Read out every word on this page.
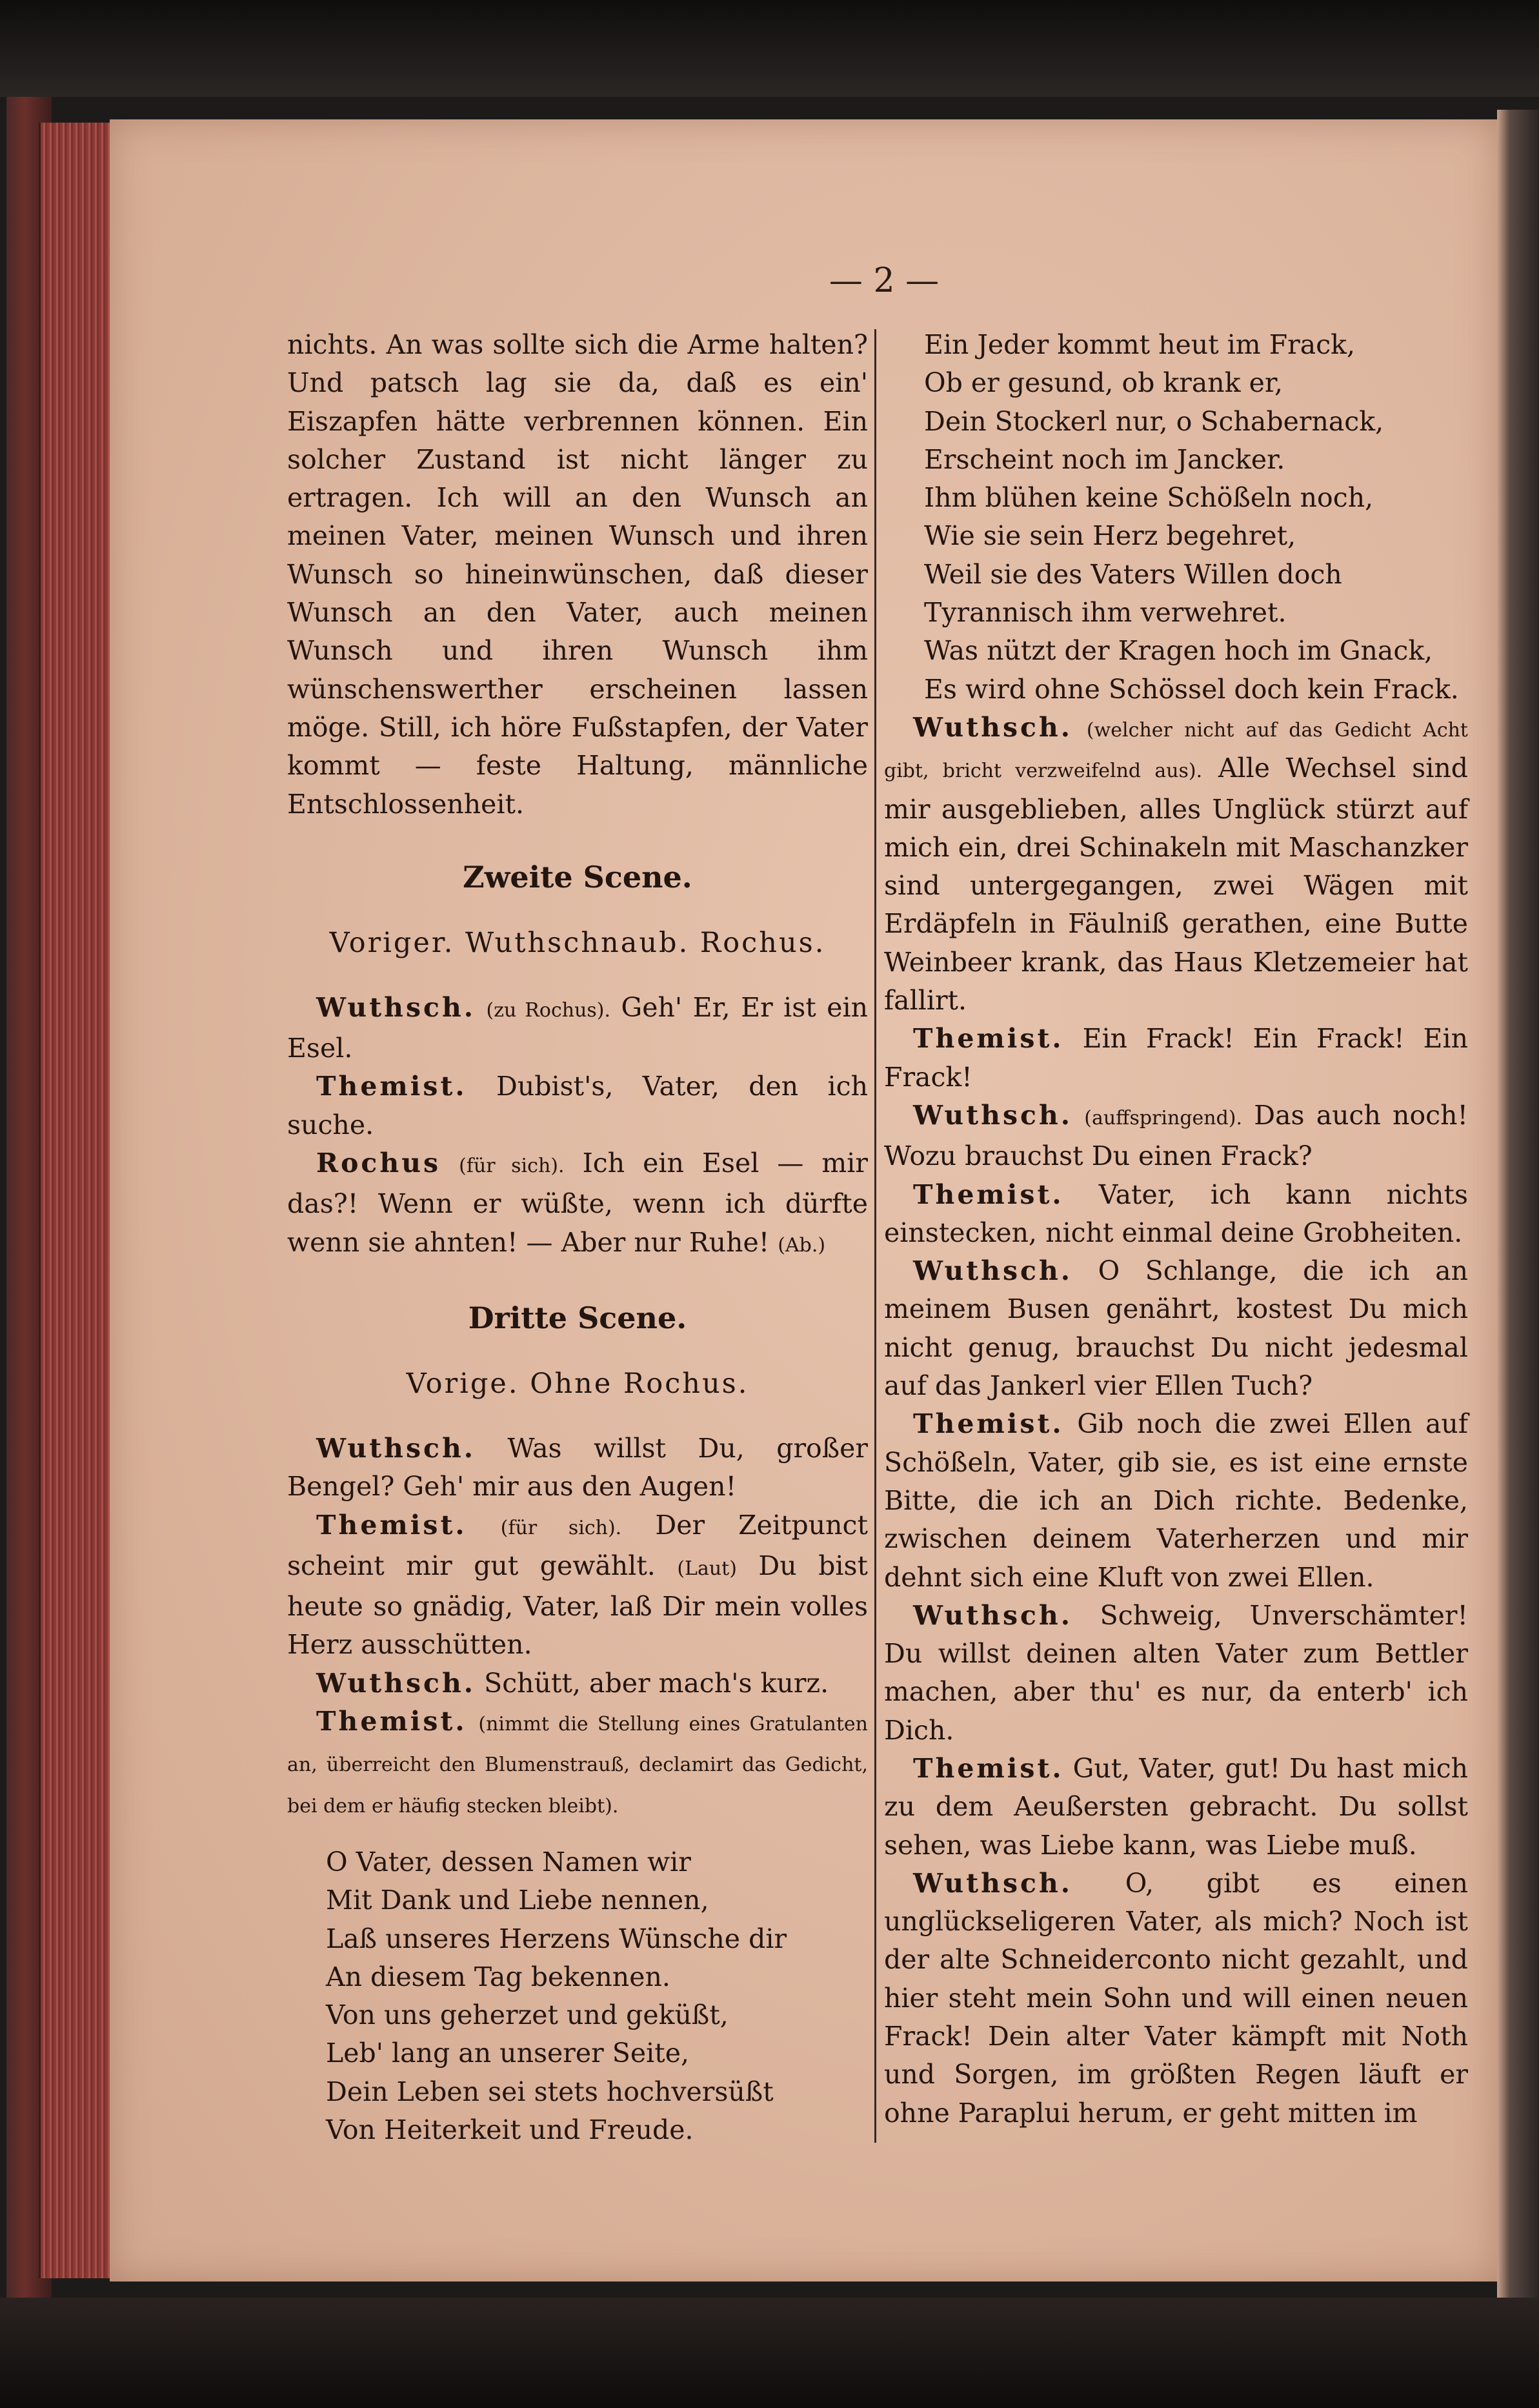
— 2 —

nichts. An was sollte sich die Arme halten? Und patsch lag sie da, daß es ein' Eiszapfen hätte verbrennen können. Ein solcher Zustand ist nicht länger zu ertragen. Ich will an den Wunsch an meinen Vater, meinen Wunsch und ihren Wunsch so hineinwünschen, daß dieser Wunsch an den Vater, auch meinen Wunsch und ihren Wunsch ihm wünschenswerther erscheinen lassen möge. Still, ich höre Fußstapfen, der Vater kommt — feste Haltung, männliche Entschlossenheit.

Zweite Scene.
Voriger. Wuthschnaub. Rochus.

Wuthsch. (zu Rochus). Geh' Er, Er ist ein Esel.

Themist. Dubist's, Vater, den ich suche.

Rochus (für sich). Ich ein Esel — mir das?! Wenn er wüßte, wenn ich dürfte wenn sie ahnten! — Aber nur Ruhe! (Ab.)

Dritte Scene.
Vorige. Ohne Rochus.

Wuthsch. Was willst Du, großer Bengel? Geh' mir aus den Augen!

Themist. (für sich). Der Zeitpunct scheint mir gut gewählt. (Laut) Du bist heute so gnädig, Vater, laß Dir mein volles Herz ausschütten.

Wuthsch. Schütt, aber mach's kurz.

Themist. (nimmt die Stellung eines Gratulanten an, überreicht den Blumenstrauß, declamirt das Gedicht, bei dem er häufig stecken bleibt).

O Vater, dessen Namen wir

Mit Dank und Liebe nennen,

Laß unseres Herzens Wünsche dir

An diesem Tag bekennen.

Von uns geherzet und geküßt,

Leb' lang an unserer Seite,

Dein Leben sei stets hochversüßt

Von Heiterkeit und Freude.

Ein Jeder kommt heut im Frack,

Ob er gesund, ob krank er,

Dein Stockerl nur, o Schabernack,

Erscheint noch im Jancker.

Ihm blühen keine Schößeln noch,

Wie sie sein Herz begehret,

Weil sie des Vaters Willen doch

Tyrannisch ihm verwehret.

Was nützt der Kragen hoch im Gnack,

Es wird ohne Schössel doch kein Frack.

Wuthsch. (welcher nicht auf das Gedicht Acht gibt, bricht verzweifelnd aus). Alle Wechsel sind mir ausgeblieben, alles Unglück stürzt auf mich ein, drei Schinakeln mit Maschanzker sind untergegangen, zwei Wägen mit Erdäpfeln in Fäulniß gerathen, eine Butte Weinbeer krank, das Haus Kletzemeier hat fallirt.

Themist. Ein Frack! Ein Frack! Ein Frack!

Wuthsch. (auffspringend). Das auch noch! Wozu brauchst Du einen Frack?

Themist. Vater, ich kann nichts einstecken, nicht einmal deine Grobheiten.

Wuthsch. O Schlange, die ich an meinem Busen genährt, kostest Du mich nicht genug, brauchst Du nicht jedesmal auf das Jankerl vier Ellen Tuch?

Themist. Gib noch die zwei Ellen auf Schößeln, Vater, gib sie, es ist eine ernste Bitte, die ich an Dich richte. Bedenke, zwischen deinem Vaterherzen und mir dehnt sich eine Kluft von zwei Ellen.

Wuthsch. Schweig, Unverschämter! Du willst deinen alten Vater zum Bettler machen, aber thu' es nur, da enterb' ich Dich.

Themist. Gut, Vater, gut! Du hast mich zu dem Aeußersten gebracht. Du sollst sehen, was Liebe kann, was Liebe muß.

Wuthsch. O, gibt es einen unglückseligeren Vater, als mich? Noch ist der alte Schneiderconto nicht gezahlt, und hier steht mein Sohn und will einen neuen Frack! Dein alter Vater kämpft mit Noth und Sorgen, im größten Regen läuft er ohne Paraplui herum, er geht mitten im
